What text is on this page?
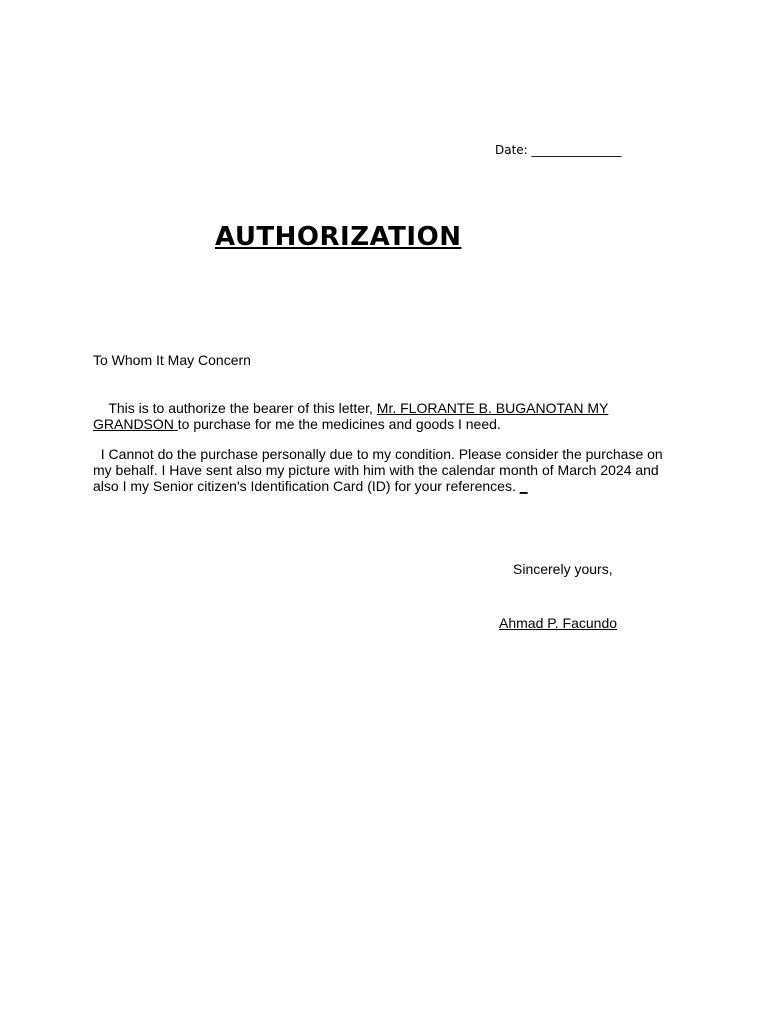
Date: _______________
AUTHORIZATION
To Whom It May Concern

This is to authorize the bearer of this letter, Mr. FLORANTE B. BUGANOTAN MY GRANDSON to purchase for me the medicines and goods I need.

I Cannot do the purchase personally due to my condition. Please consider the purchase on my behalf. I Have sent also my picture with him with the calendar month of March 2024 and also I my Senior citizen's Identification Card (ID) for your references. _

Sincerely yours,
Ahmad P. Facundo
